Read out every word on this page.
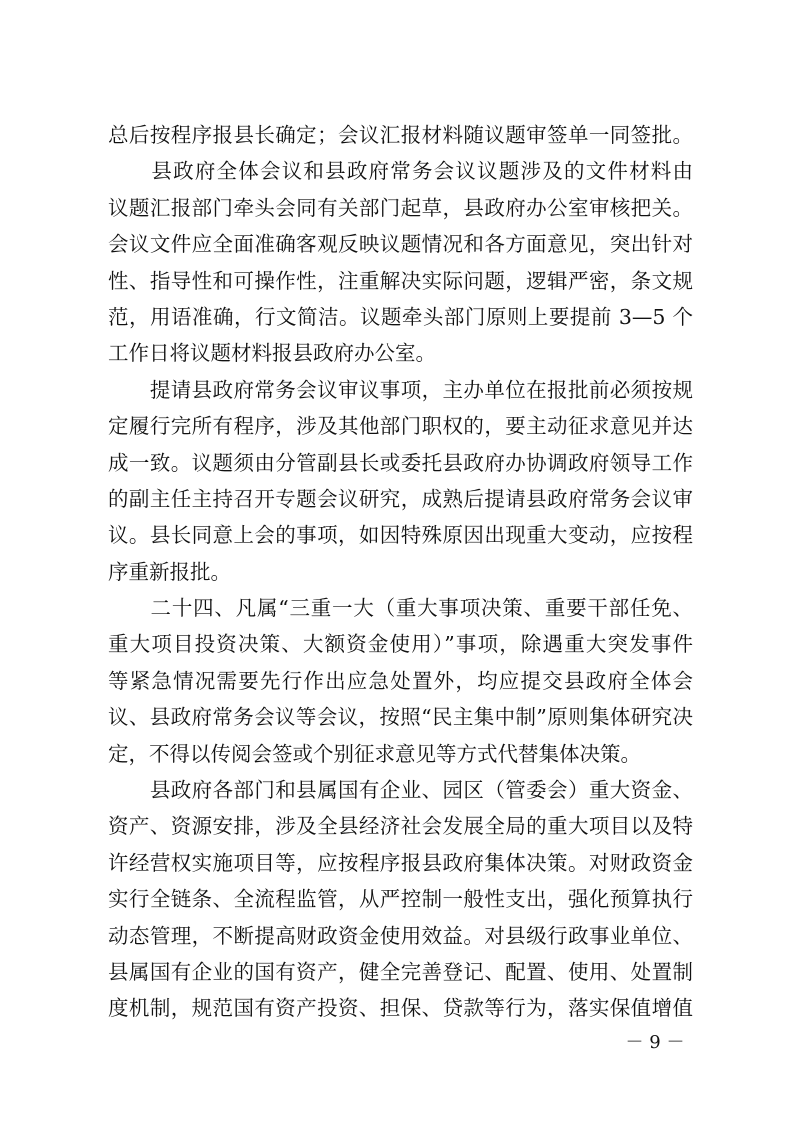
总后按程序报县长确定；会议汇报材料随议题审签单一同签批。
　　县政府全体会议和县政府常务会议议题涉及的文件材料由
议题汇报部门牵头会同有关部门起草，县政府办公室审核把关。
会议文件应全面准确客观反映议题情况和各方面意见，突出针对
性、指导性和可操作性，注重解决实际问题，逻辑严密，条文规
范，用语准确，行文简洁。议题牵头部门原则上要提前 3—5 个
工作日将议题材料报县政府办公室。
　　提请县政府常务会议审议事项，主办单位在报批前必须按规
定履行完所有程序，涉及其他部门职权的，要主动征求意见并达
成一致。议题须由分管副县长或委托县政府办协调政府领导工作
的副主任主持召开专题会议研究，成熟后提请县政府常务会议审
议。县长同意上会的事项，如因特殊原因出现重大变动，应按程
序重新报批。
　　二十四、凡属“三重一大（重大事项决策、重要干部任免、
重大项目投资决策、大额资金使用）”事项，除遇重大突发事件
等紧急情况需要先行作出应急处置外，均应提交县政府全体会
议、县政府常务会议等会议，按照“民主集中制”原则集体研究决
定，不得以传阅会签或个别征求意见等方式代替集体决策。
　　县政府各部门和县属国有企业、园区（管委会）重大资金、
资产、资源安排，涉及全县经济社会发展全局的重大项目以及特
许经营权实施项目等，应按程序报县政府集体决策。对财政资金
实行全链条、全流程监管，从严控制一般性支出，强化预算执行
动态管理，不断提高财政资金使用效益。对县级行政事业单位、
县属国有企业的国有资产，健全完善登记、配置、使用、处置制
度机制，规范国有资产投资、担保、贷款等行为，落实保值增值
－ 9 －
